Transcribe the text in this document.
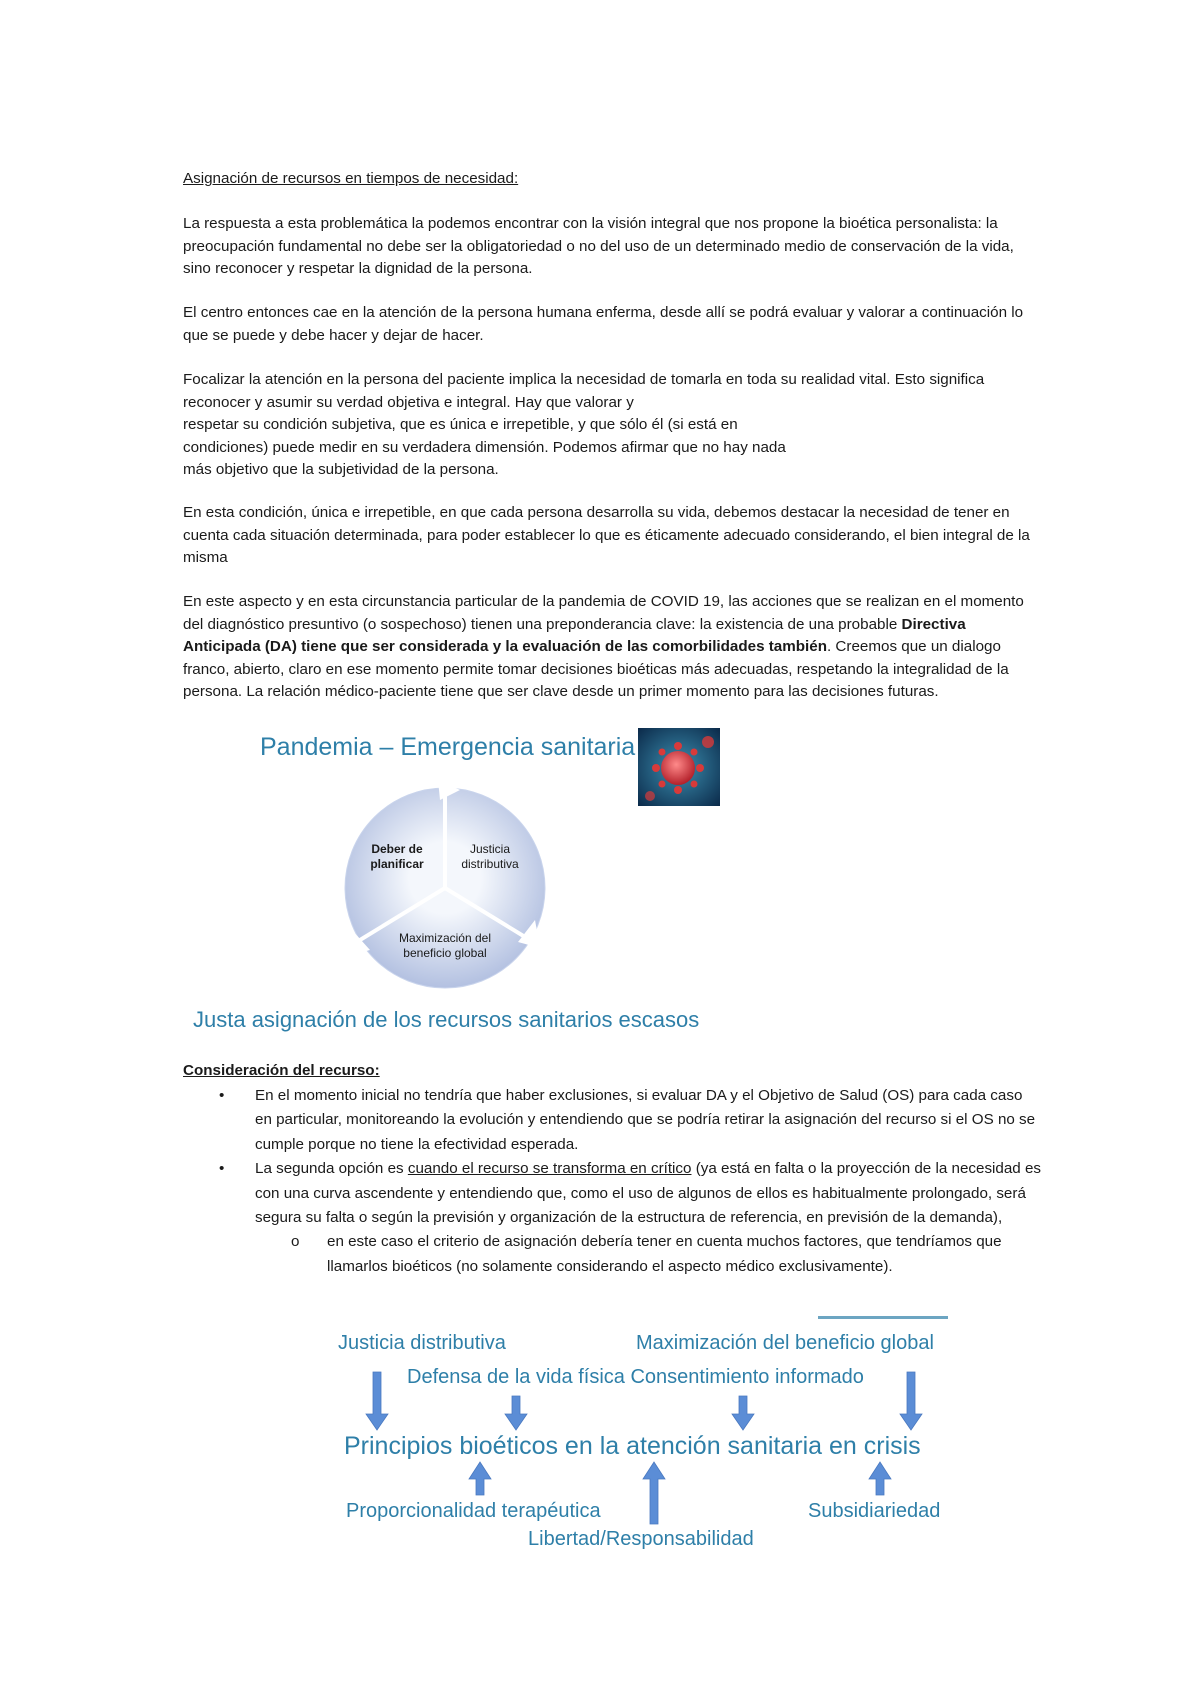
Asignación de recursos en tiempos de necesidad:

La respuesta a esta problemática la podemos encontrar con la visión integral que nos propone la bioética personalista: la preocupación fundamental no debe ser la obligatoriedad o no del uso de un determinado medio de conservación de la vida, sino reconocer y respetar la dignidad de la persona.

El centro entonces cae en la atención de la persona humana enferma, desde allí se podrá evaluar y valorar a continuación lo que se puede y debe hacer y dejar de hacer.

Focalizar la atención en la persona del paciente implica la necesidad de tomarla en toda su realidad vital. Esto significa reconocer y asumir su verdad objetiva e integral. Hay que valorar y
respetar su condición subjetiva, que es única e irrepetible, y que sólo él (si está en
condiciones) puede medir en su verdadera dimensión. Podemos afirmar que no hay nada
más objetivo que la subjetividad de la persona.

En esta condición, única e irrepetible, en que cada persona desarrolla su vida, debemos destacar la necesidad de tener en cuenta cada situación determinada, para poder establecer lo que es éticamente adecuado considerando, el bien integral de la misma

En este aspecto y en esta circunstancia particular de la pandemia de COVID 19, las acciones que se realizan en el momento del diagnóstico presuntivo (o sospechoso) tienen una preponderancia clave: la existencia de una probable Directiva Anticipada (DA) tiene que ser considerada y la evaluación de las comorbilidades también. Creemos que un dialogo franco, abierto, claro en ese momento permite tomar decisiones bioéticas más adecuadas, respetando la integralidad de la persona. La relación médico-paciente tiene que ser clave desde un primer momento para las decisiones futuras.

Pandemia – Emergencia sanitaria
Deber de
planificar
Justicia
distributiva
Maximización del
beneficio global
Justa asignación de los recursos sanitarios escasos
Consideración del recurso:
• En el momento inicial no tendría que haber exclusiones, si evaluar DA y el Objetivo de Salud (OS) para cada caso en particular, monitoreando la evolución y entendiendo que se podría retirar la asignación del recurso si el OS no se cumple porque no tiene la efectividad esperada.
• La segunda opción es cuando el recurso se transforma en crítico (ya está en falta o la proyección de la necesidad es con una curva ascendente y entendiendo que, como el uso de algunos de ellos es habitualmente prolongado, será segura su falta o según la previsión y organización de la estructura de referencia, en previsión de la demanda),
o en este caso el criterio de asignación debería tener en cuenta muchos factores, que tendríamos que llamarlos bioéticos (no solamente considerando el aspecto médico exclusivamente).
Justicia distributiva	Maximización del beneficio global
Defensa de la vida física Consentimiento informado
Principios bioéticos en la atención sanitaria en crisis
Proporcionalidad terapéutica	Subsidiariedad
Libertad/Responsabilidad
